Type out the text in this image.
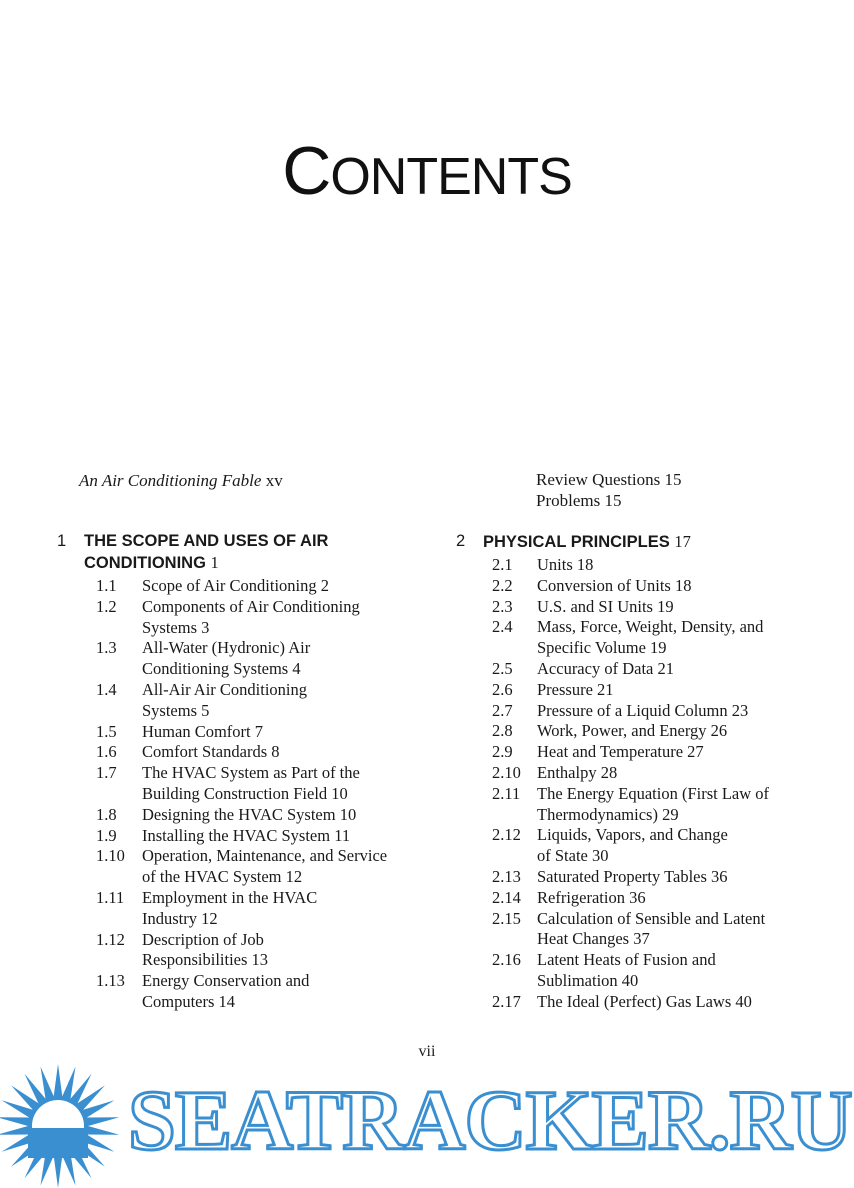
CONTENTS
An Air Conditioning Fable xv	Review Questions 15
Problems 15
1	THE SCOPE AND USES OF AIR
CONDITIONING 1
1.1	Scope of Air Conditioning 2
1.2	Components of Air Conditioning
Systems 3
1.3	All-Water (Hydronic) Air
Conditioning Systems 4
1.4	All-Air Air Conditioning
Systems 5
1.5	Human Comfort 7
1.6	Comfort Standards 8
1.7	The HVAC System as Part of the
Building Construction Field 10
1.8	Designing the HVAC System 10
1.9	Installing the HVAC System 11
1.10	Operation, Maintenance, and Service
of the HVAC System 12
1.11	Employment in the HVAC
Industry 12
1.12	Description of Job
Responsibilities 13
1.13	Energy Conservation and
Computers 14
2	PHYSICAL PRINCIPLES 17
2.1	Units 18
2.2	Conversion of Units 18
2.3	U.S. and SI Units 19
2.4	Mass, Force, Weight, Density, and
Specific Volume 19
2.5	Accuracy of Data 21
2.6	Pressure 21
2.7	Pressure of a Liquid Column 23
2.8	Work, Power, and Energy 26
2.9	Heat and Temperature 27
2.10 Enthalpy 28
2.11	The Energy Equation (First Law of
Thermodynamics) 29
2.12 Liquids, Vapors, and Change
of State 30
2.13 Saturated Property Tables 36
2.14 Refrigeration 36
2.15 Calculation of Sensible and Latent
Heat Changes 37
2.16 Latent Heats of Fusion and
Sublimation 40
2.17 The Ideal (Perfect) Gas Laws 40
vii
SEATRACKER.RU
